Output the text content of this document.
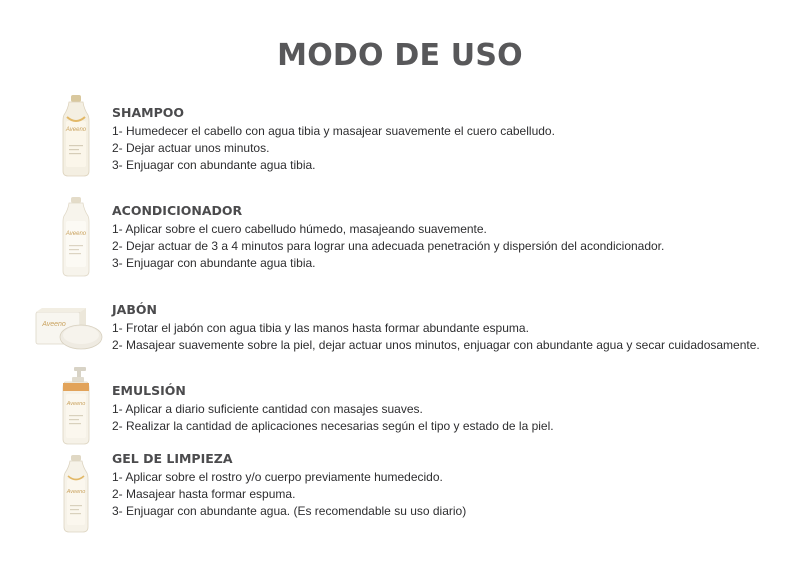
MODO DE USO
Aveeno
SHAMPOO
1- Humedecer el cabello con agua tibia y masajear suavemente el cuero cabelludo.
2- Dejar actuar unos minutos.
3- Enjuagar con abundante agua tibia.
Aveeno
ACONDICIONADOR
1- Aplicar sobre el cuero cabelludo húmedo, masajeando suavemente.
2- Dejar actuar de 3 a 4 minutos para lograr una adecuada penetración y dispersión del acondicionador.
3- Enjuagar con abundante agua tibia.
Aveeno
JABÓN
1- Frotar el jabón con agua tibia y las manos hasta formar abundante espuma.
2- Masajear suavemente sobre la piel, dejar actuar unos minutos, enjuagar con abundante agua y secar cuidadosamente.
Aveeno
EMULSIÓN
1- Aplicar a diario suficiente cantidad con masajes suaves.
2- Realizar la cantidad de aplicaciones necesarias según el tipo y estado de la piel.
Aveeno
GEL DE LIMPIEZA
1- Aplicar sobre el rostro y/o cuerpo previamente humedecido.
2- Masajear hasta formar espuma.
3- Enjuagar con abundante agua. (Es recomendable su uso diario)
